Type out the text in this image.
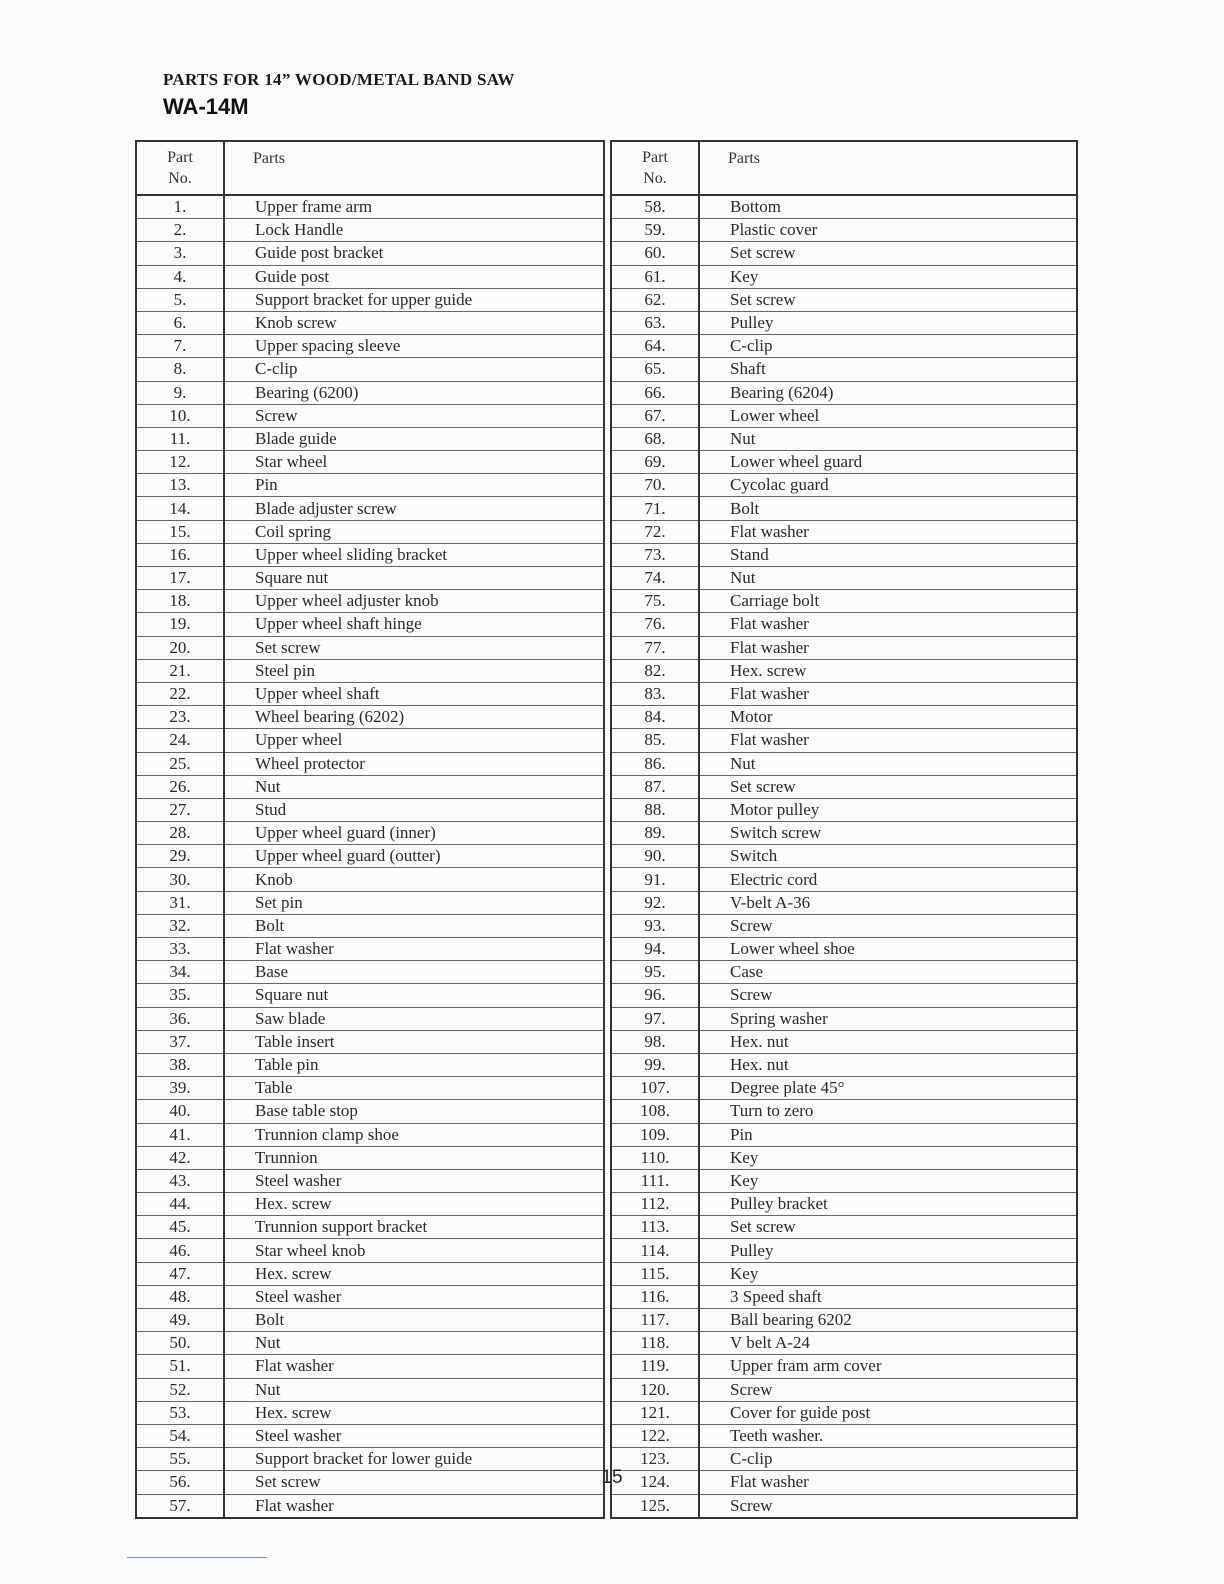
PARTS FOR 14” WOOD/METAL BAND SAW
WA-14M
Part
No.	Parts
1.	Upper frame arm
2.	Lock Handle
3.	Guide post bracket
4.	Guide post
5.	Support bracket for upper guide
6.	Knob screw
7.	Upper spacing sleeve
8.	C-clip
9.	Bearing (6200)
10.	Screw
11.	Blade guide
12.	Star wheel
13.	Pin
14.	Blade adjuster screw
15.	Coil spring
16.	Upper wheel sliding bracket
17.	Square nut
18.	Upper wheel adjuster knob
19.	Upper wheel shaft hinge
20.	Set screw
21.	Steel pin
22.	Upper wheel shaft
23.	Wheel bearing (6202)
24.	Upper wheel
25.	Wheel protector
26.	Nut
27.	Stud
28.	Upper wheel guard (inner)
29.	Upper wheel guard (outter)
30.	Knob
31.	Set pin
32.	Bolt
33.	Flat washer
34.	Base
35.	Square nut
36.	Saw blade
37.	Table insert
38.	Table pin
39.	Table
40.	Base table stop
41.	Trunnion clamp shoe
42.	Trunnion
43.	Steel washer
44.	Hex. screw
45.	Trunnion support bracket
46.	Star wheel knob
47.	Hex. screw
48.	Steel washer
49.	Bolt
50.	Nut
51.	Flat washer
52.	Nut
53.	Hex. screw
54.	Steel washer
55.	Support bracket for lower guide
56.	Set screw
57.	Flat washer
Part
No.	Parts
58.	Bottom
59.	Plastic cover
60.	Set screw
61.	Key
62.	Set screw
63.	Pulley
64.	C-clip
65.	Shaft
66.	Bearing (6204)
67.	Lower wheel
68.	Nut
69.	Lower wheel guard
70.	Cycolac guard
71.	Bolt
72.	Flat washer
73.	Stand
74.	Nut
75.	Carriage bolt
76.	Flat washer
77.	Flat washer
82.	Hex. screw
83.	Flat washer
84.	Motor
85.	Flat washer
86.	Nut
87.	Set screw
88.	Motor pulley
89.	Switch screw
90.	Switch
91.	Electric cord
92.	V-belt A-36
93.	Screw
94.	Lower wheel shoe
95.	Case
96.	Screw
97.	Spring washer
98.	Hex. nut
99.	Hex. nut
107.	Degree plate 45°
108.	Turn to zero
109.	Pin
110.	Key
111.	Key
112.	Pulley bracket
113.	Set screw
114.	Pulley
115.	Key
116.	3 Speed shaft
117.	Ball bearing 6202
118.	V belt A-24
119.	Upper fram arm cover
120.	Screw
121.	Cover for guide post
122.	Teeth washer.
123.	C-clip
124.	Flat washer
125.	Screw
15
